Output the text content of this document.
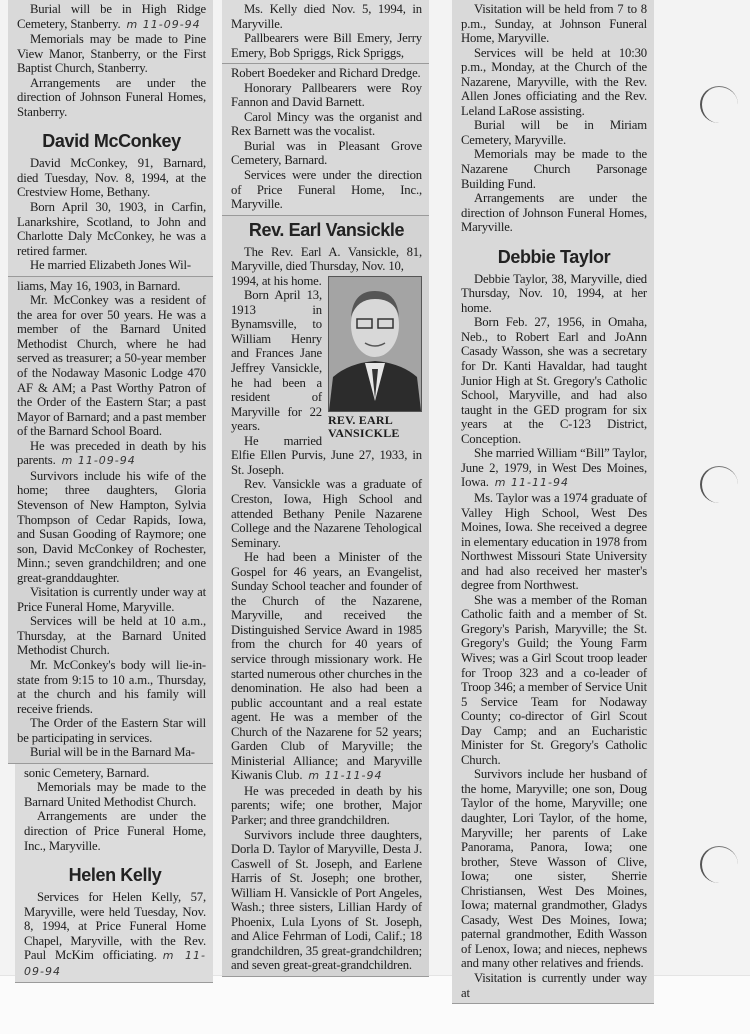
Burial will be in High Ridge Cemetery, Stanberry. m 11-09-94

Memorials may be made to Pine View Manor, Stanberry, or the First Baptist Church, Stanberry.

Arrangements are under the direction of Johnson Funeral Homes, Stanberry.

David McConkey

David McConkey, 91, Barnard, died Tuesday, Nov. 8, 1994, at the Crestview Home, Bethany.

Born April 30, 1903, in Carfin, Lanarkshire, Scotland, to John and Charlotte Daly McConkey, he was a retired farmer.

He married Elizabeth Jones Wil-

liams, May 16, 1903, in Barnard.

Mr. McConkey was a resident of the area for over 50 years. He was a member of the Barnard United Methodist Church, where he had served as treasurer; a 50-year member of the Nodaway Masonic Lodge 470 AF & AM; a Past Worthy Patron of the Order of the Eastern Star; a past Mayor of Barnard; and a past member of the Barnard School Board.

He was preceded in death by his parents. m 11-09-94

Survivors include his wife of the home; three daughters, Gloria Stevenson of New Hampton, Sylvia Thompson of Cedar Rapids, Iowa, and Susan Gooding of Raymore; one son, David McConkey of Rochester, Minn.; seven grandchildren; and one great-granddaughter.

Visitation is currently under way at Price Funeral Home, Maryville.

Services will be held at 10 a.m., Thursday, at the Barnard United Methodist Church.

Mr. McConkey's body will lie-in-state from 9:15 to 10 a.m., Thursday, at the church and his family will receive friends.

The Order of the Eastern Star will be participating in services.

Burial will be in the Barnard Ma-

sonic Cemetery, Barnard.

Memorials may be made to the Barnard United Methodist Church.

Arrangements are under the direction of Price Funeral Home, Inc., Maryville.

Helen Kelly

Services for Helen Kelly, 57, Maryville, were held Tuesday, Nov. 8, 1994, at Price Funeral Home Chapel, Maryville, with the Rev. Paul McKim officiating. m 11-09-94

Ms. Kelly died Nov. 5, 1994, in Maryville.

Pallbearers were Bill Emery, Jerry Emery, Bob Spriggs, Rick Spriggs,

Robert Boedeker and Richard Dredge.

Honorary Pallbearers were Roy Fannon and David Barnett.

Carol Mincy was the organist and Rex Barnett was the vocalist.

Burial was in Pleasant Grove Cemetery, Barnard.

Services were under the direction of Price Funeral Home, Inc., Maryville.

Rev. Earl Vansickle

The Rev. Earl A. Vansickle, 81, Maryville, died Thursday, Nov. 10,

REV. EARL VANSICKLE

1994, at his home.

Born April 13, 1913 in Bynamsville, to William Henry and Frances Jane Jeffrey Vansickle, he had been a resident of Maryville for 22 years.

He married Elfie Ellen Purvis, June 27, 1933, in St. Joseph.

Rev. Vansickle was a graduate of Creston, Iowa, High School and attended Bethany Penile Nazarene College and the Nazarene Tehological Seminary.

He had been a Minister of the Gospel for 46 years, an Evangelist, Sunday School teacher and founder of the Church of the Nazarene, Maryville, and received the Distinguished Service Award in 1985 from the church for 40 years of service through missionary work. He started numerous other churches in the denomination. He also had been a public accountant and a real estate agent. He was a member of the Church of the Nazarene for 52 years; Garden Club of Maryville; the Ministerial Alliance; and Maryville Kiwanis Club. m 11-11-94

He was preceded in death by his parents; wife; one brother, Major Parker; and three grandchildren.

Survivors include three daughters, Dorla D. Taylor of Maryville, Desta J. Caswell of St. Joseph, and Earlene Harris of St. Joseph; one brother, William H. Vansickle of Port Angeles, Wash.; three sisters, Lillian Hardy of Phoenix, Lula Lyons of St. Joseph, and Alice Fehrman of Lodi, Calif.; 18 grandchildren, 35 great-grandchildren; and seven great-great-grandchildren.

Visitation will be held from 7 to 8 p.m., Sunday, at Johnson Funeral Home, Maryville.

Services will be held at 10:30 p.m., Monday, at the Church of the Nazarene, Maryville, with the Rev. Allen Jones officiating and the Rev. Leland LaRose assisting.

Burial will be in Miriam Cemetery, Maryville.

Memorials may be made to the Nazarene Church Parsonage Building Fund.

Arrangements are under the direction of Johnson Funeral Homes, Maryville.

Debbie Taylor

Debbie Taylor, 38, Maryville, died Thursday, Nov. 10, 1994, at her home.

Born Feb. 27, 1956, in Omaha, Neb., to Robert Earl and JoAnn Casady Wasson, she was a secretary for Dr. Kanti Havaldar, had taught Junior High at St. Gregory's Catholic School, Maryville, and had also taught in the GED program for six years at the C-123 District, Conception.

She married William “Bill” Taylor, June 2, 1979, in West Des Moines, Iowa. m 11-11-94

Ms. Taylor was a 1974 graduate of Valley High School, West Des Moines, Iowa. She received a degree in elementary education in 1978 from Northwest Missouri State University and had also received her master's degree from Northwest.

She was a member of the Roman Catholic faith and a member of St. Gregory's Parish, Maryville; the St. Gregory's Guild; the Young Farm Wives; was a Girl Scout troop leader for Troop 323 and a co-leader of Troop 346; a member of Service Unit 5 Service Team for Nodaway County; co-director of Girl Scout Day Camp; and an Eucharistic Minister for St. Gregory's Catholic Church.

Survivors include her husband of the home, Maryville; one son, Doug Taylor of the home, Maryville; one daughter, Lori Taylor, of the home, Maryville; her parents of Lake Panorama, Panora, Iowa; one brother, Steve Wasson of Clive, Iowa; one sister, Sherrie Christiansen, West Des Moines, Iowa; maternal grandmother, Gladys Casady, West Des Moines, Iowa; paternal grandmother, Edith Wasson of Lenox, Iowa; and nieces, nephews and many other relatives and friends.

Visitation is currently under way at
